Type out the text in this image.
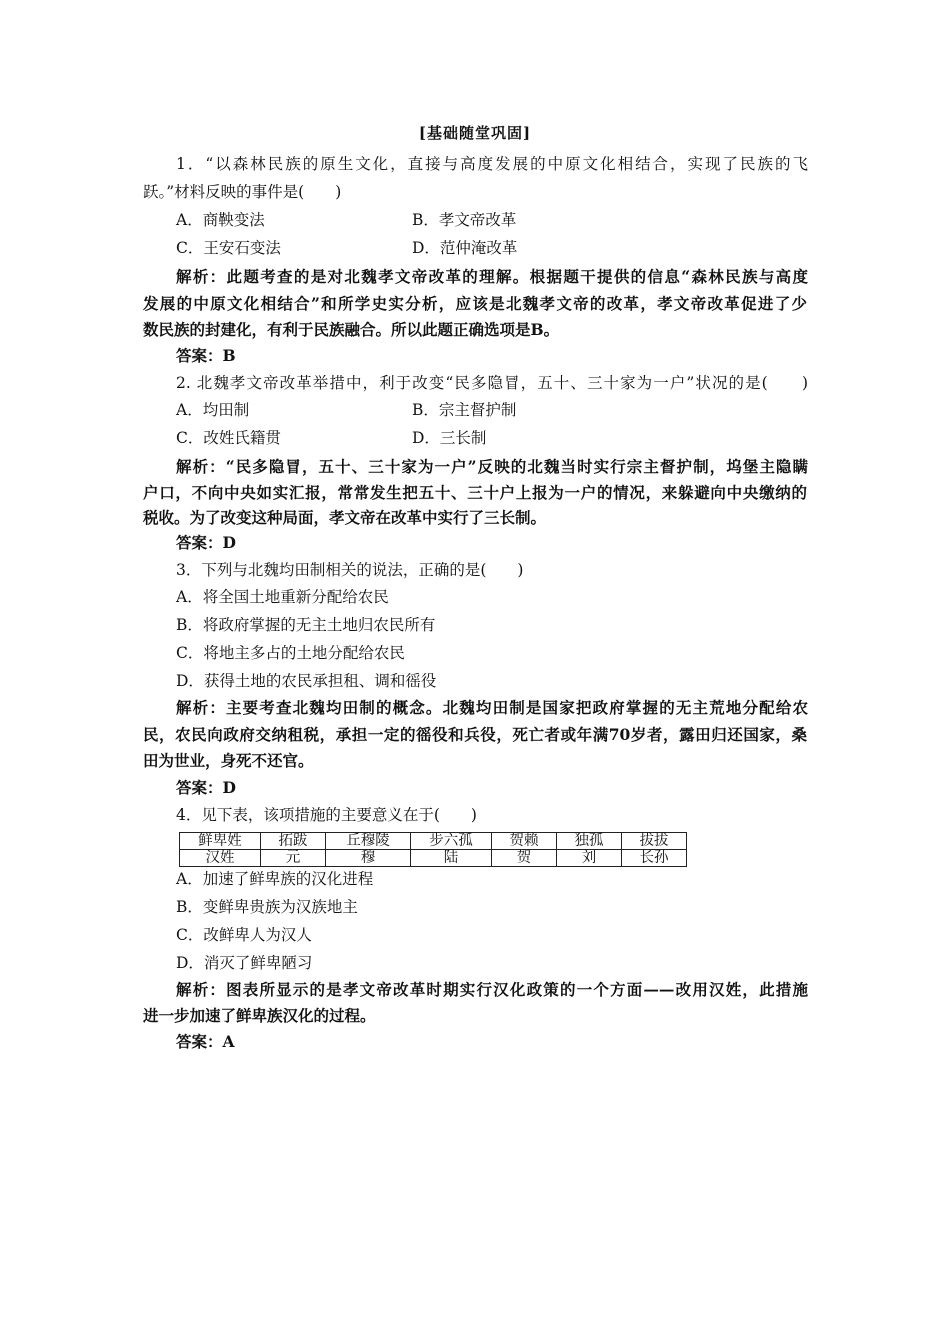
[基础随堂巩固]
1．“以森林民族的原生文化，直接与高度发展的中原文化相结合，实现了民族的飞
跃。”材料反映的事件是(　　)
A．商鞅变法	B．孝文帝改革
C．王安石变法	D．范仲淹改革
解析：此题考查的是对北魏孝文帝改革的理解。根据题干提供的信息“森林民族与高度
发展的中原文化相结合”和所学史实分析，应该是北魏孝文帝的改革，孝文帝改革促进了少
数民族的封建化，有利于民族融合。所以此题正确选项是B。
答案：B
2. 北魏孝文帝改革举措中，利于改变“民多隐冒，五十、三十家为一户”状况的是(　　)
A．均田制	B．宗主督护制
C．改姓氏籍贯	D．三长制
解析：“民多隐冒，五十、三十家为一户”反映的北魏当时实行宗主督护制，坞堡主隐瞒
户口，不向中央如实汇报，常常发生把五十、三十户上报为一户的情况，来躲避向中央缴纳的
税收。为了改变这种局面，孝文帝在改革中实行了三长制。
答案：D
3．下列与北魏均田制相关的说法，正确的是(　　)
A．将全国土地重新分配给农民
B．将政府掌握的无主土地归农民所有
C．将地主多占的土地分配给农民
D．获得土地的农民承担租、调和徭役
解析：主要考查北魏均田制的概念。北魏均田制是国家把政府掌握的无主荒地分配给农
民，农民向政府交纳租税，承担一定的徭役和兵役，死亡者或年满70岁者，露田归还国家，桑
田为世业，身死不还官。
答案：D
4．见下表，该项措施的主要意义在于(　　)
鲜卑姓	拓跋	丘穆陵	步六孤	贺赖	独孤	拔拔
汉姓	元	穆	陆	贺	刘	长孙
A．加速了鲜卑族的汉化进程
B．变鲜卑贵族为汉族地主
C．改鲜卑人为汉人
D．消灭了鲜卑陋习
解析：图表所显示的是孝文帝改革时期实行汉化政策的一个方面——改用汉姓，此措施
进一步加速了鲜卑族汉化的过程。
答案：A
